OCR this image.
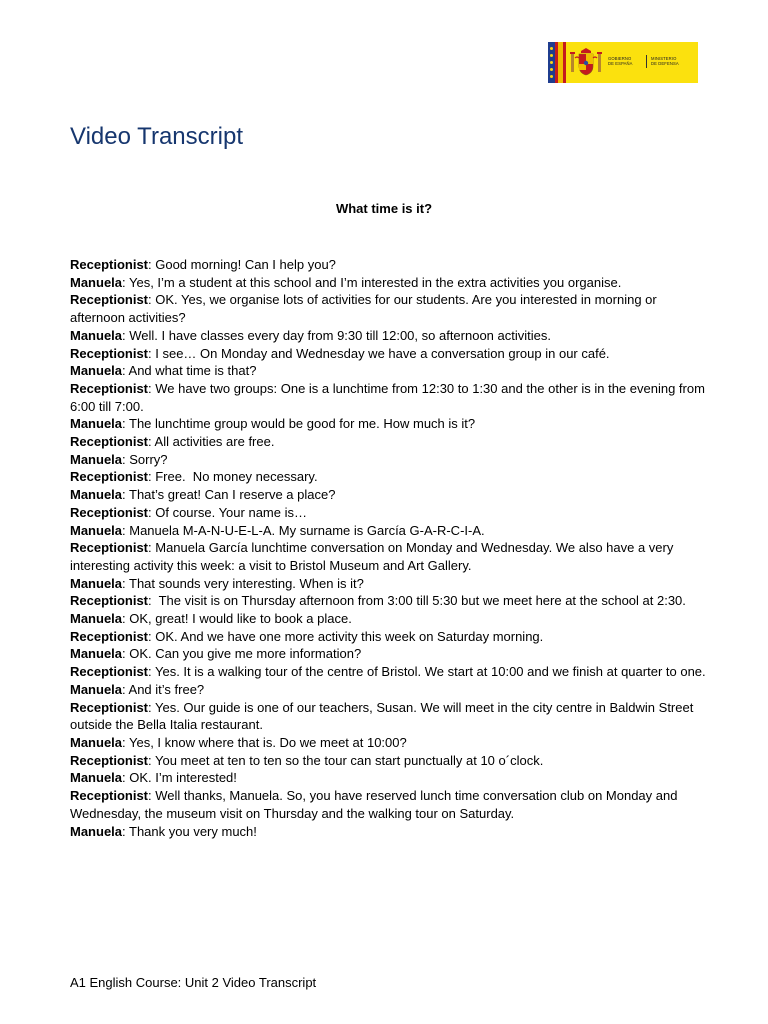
GOBIERNO
DE ESPAÑA
MINISTERIO
DE DEFENSA
Video Transcript
What time is it?

Receptionist: Good morning! Can I help you?

Manuela: Yes, I’m a student at this school and I’m interested in the extra activities you organise.

Receptionist: OK. Yes, we organise lots of activities for our students. Are you interested in morning or afternoon activities?

Manuela: Well. I have classes every day from 9:30 till 12:00, so afternoon activities.

Receptionist: I see… On Monday and Wednesday we have a conversation group in our café.

Manuela: And what time is that?

Receptionist: We have two groups: One is a lunchtime from 12:30 to 1:30 and the other is in the evening from 6:00 till 7:00.

Manuela: The lunchtime group would be good for me. How much is it?

Receptionist: All activities are free.

Manuela: Sorry?

Receptionist: Free.  No money necessary.

Manuela: That’s great! Can I reserve a place?

Receptionist: Of course. Your name is…

Manuela: Manuela M-A-N-U-E-L-A. My surname is García G-A-R-C-I-A.

Receptionist: Manuela García lunchtime conversation on Monday and Wednesday. We also have a very interesting activity this week: a visit to Bristol Museum and Art Gallery.

Manuela: That sounds very interesting. When is it?

Receptionist:  The visit is on Thursday afternoon from 3:00 till 5:30 but we meet here at the school at 2:30.

Manuela: OK, great! I would like to book a place.

Receptionist: OK. And we have one more activity this week on Saturday morning.

Manuela: OK. Can you give me more information?

Receptionist: Yes. It is a walking tour of the centre of Bristol. We start at 10:00 and we finish at quarter to one.

Manuela: And it’s free?

Receptionist: Yes. Our guide is one of our teachers, Susan. We will meet in the city centre in Baldwin Street outside the Bella Italia restaurant.

Manuela: Yes, I know where that is. Do we meet at 10:00?

Receptionist: You meet at ten to ten so the tour can start punctually at 10 o´clock.

Manuela: OK. I’m interested!

Receptionist: Well thanks, Manuela. So, you have reserved lunch time conversation club on Monday and Wednesday, the museum visit on Thursday and the walking tour on Saturday.

Manuela: Thank you very much!

A1 English Course: Unit 2 Video Transcript
